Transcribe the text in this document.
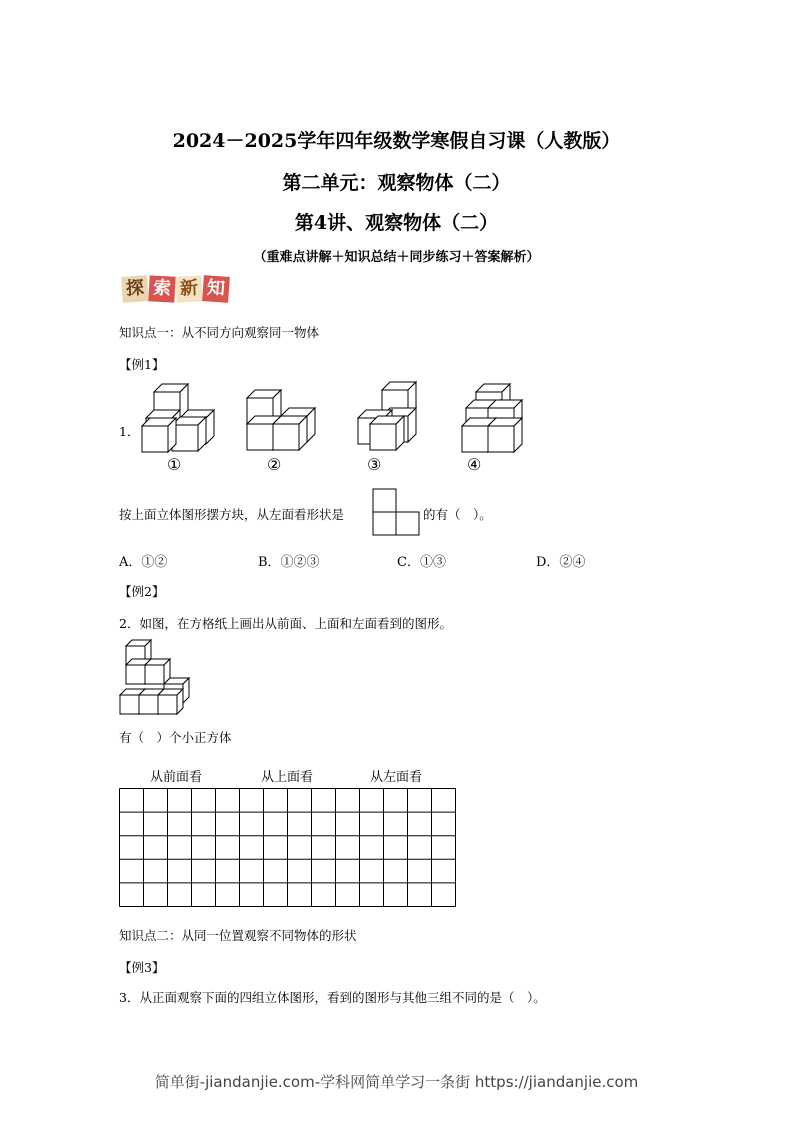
2024－2025学年四年级数学寒假自习课（人教版）
第二单元：观察物体（二）
第4讲、观察物体（二）
（重难点讲解＋知识总结＋同步练习＋答案解析）
探 索 新 知
知识点一：从不同方向观察同一物体
【例1】
1．
①	②	③	④
按上面立体图形摆方块，从左面看形状是	的有（　）。
A．①②	B．①②③	C．①③	D．②④
【例2】
2．如图，在方格纸上画出从前面、上面和左面看到的图形。
有（　）个小正方体
从前面看	从上面看	从左面看
知识点二：从同一位置观察不同物体的形状
【例3】
3．从正面观察下面的四组立体图形，看到的图形与其他三组不同的是（　）。
简单街-jiandanjie.com-学科网简单学习一条街 https://jiandanjie.com
